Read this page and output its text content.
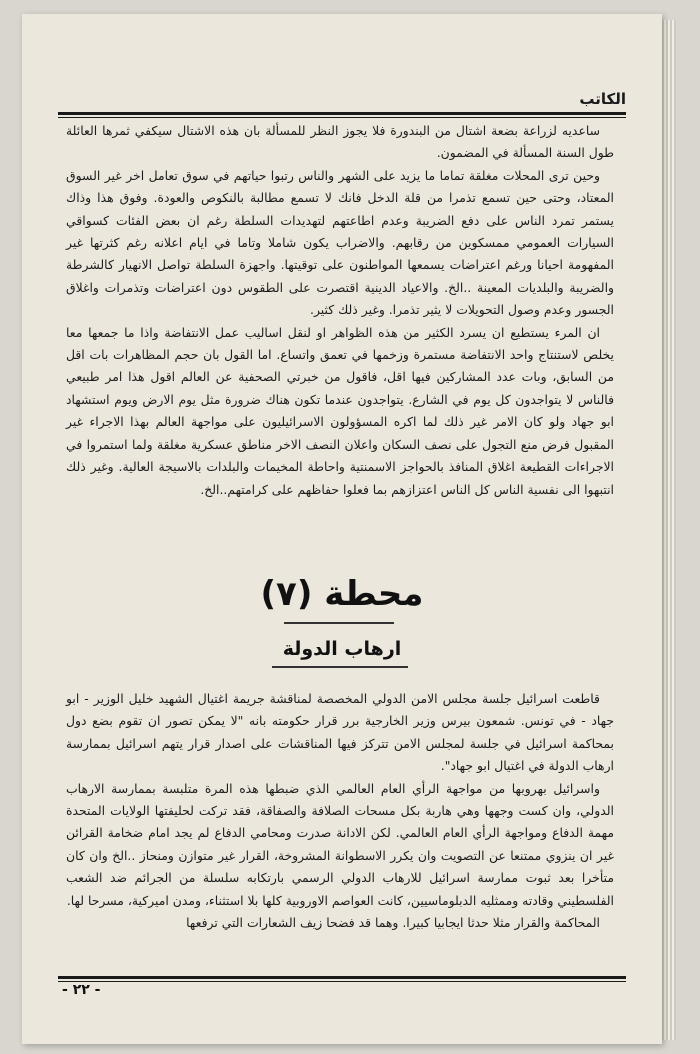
الكاتب

ساعديه لزراعة بضعة اشتال من البندورة فلا يجوز النظر للمسألة بان هذه الاشتال سيكفي ثمرها العائلة طول السنة المسألة في المضمون.

وحين ترى المحلات مغلقة تماما ما يزيد على الشهر والناس رتبوا حياتهم في سوق تعامل اخر غير السوق المعتاد، وحتى حين تسمع تذمرا من قلة الدخل فانك لا تسمع مطالبة بالنكوص والعودة. وفوق هذا وذاك يستمر تمرد الناس على دفع الضريبة وعدم اطاعتهم لتهديدات السلطة رغم ان بعض الفئات كسواقي السيارات العمومي ممسكوين من رقابهم. والاضراب يكون شاملا وتاما في ايام اعلانه رغم كثرتها غير المفهومة احيانا ورغم اعتراضات يسمعها المواطنون على توقيتها. واجهزة السلطة تواصل الانهيار كالشرطة والضريبة والبلديات المعينة ..الخ. والاعياد الدينية اقتصرت على الطقوس دون اعتراضات وتذمرات واغلاق الجسور وعدم وصول التحويلات لا يثير تذمرا. وغير ذلك كثير.

ان المرء يستطيع ان يسرد الكثير من هذه الظواهر او لنقل اساليب عمل الانتفاضة واذا ما جمعها معا يخلص لاستنتاج واحد الانتفاضة مستمرة وزخمها في تعمق واتساع. اما القول بان حجم المظاهرات بات اقل من السابق، وبات عدد المشاركين فيها اقل، فاقول من خبرتي الصحفية عن العالم اقول هذا امر طبيعي فالناس لا يتواجدون كل يوم في الشارع. يتواجدون عندما تكون هناك ضرورة مثل يوم الارض ويوم استشهاد ابو جهاد ولو كان الامر غير ذلك لما اكره المسؤولون الاسرائيليون على مواجهة العالم بهذا الاجراء غير المقبول فرض منع التجول على نصف السكان واعلان النصف الاخر مناطق عسكرية مغلقة ولما استمروا في الاجراءات القطيعة اغلاق المنافذ بالحواجز الاسمنتية واحاطة المخيمات والبلدات بالاسيجة العالية. وغير ذلك انتبهوا الى نفسية الناس كل الناس اعتزازهم بما فعلوا حفاظهم على كرامتهم..الخ.

محطة (٧)
ارهاب الدولة

قاطعت اسرائيل جلسة مجلس الامن الدولي المخصصة لمناقشة جريمة اغتيال الشهيد خليل الوزير - ابو جهاد - في تونس. شمعون بيرس وزير الخارجية برر قرار حكومته بانه "لا يمكن تصور ان تقوم بضع دول بمحاكمة اسرائيل في جلسة لمجلس الامن تتركز فيها المناقشات على اصدار قرار يتهم اسرائيل بممارسة ارهاب الدولة في اغتيال ابو جهاد".

واسرائيل بهروبها من مواجهة الرأي العام العالمي الذي ضبطها هذه المرة متلبسة بممارسة الارهاب الدولي، وان كست وجهها وهي هاربة بكل مسحات الصلافة والصفاقة، فقد تركت لحليفتها الولايات المتحدة مهمة الدفاع ومواجهة الرأي العام العالمي. لكن الادانة صدرت ومحامي الدفاع لم يجد امام ضخامة القرائن غير ان ينزوي ممتنعا عن التصويت وان يكرر الاسطوانة المشروخة، القرار غير متوازن ومنحاز ..الخ وان كان متأخرا بعد ثبوت ممارسة اسرائيل للارهاب الدولي الرسمي بارتكابه سلسلة من الجرائم ضد الشعب الفلسطيني وقادته وممثليه الدبلوماسيين، كانت العواصم الاوروبية كلها بلا استثناء، ومدن اميركية، مسرحا لها.

المحاكمة والقرار مثلا حدثا ايجابيا كبيرا. وهما قد فضحا زيف الشعارات التي ترفعها

- ٢٢ -
